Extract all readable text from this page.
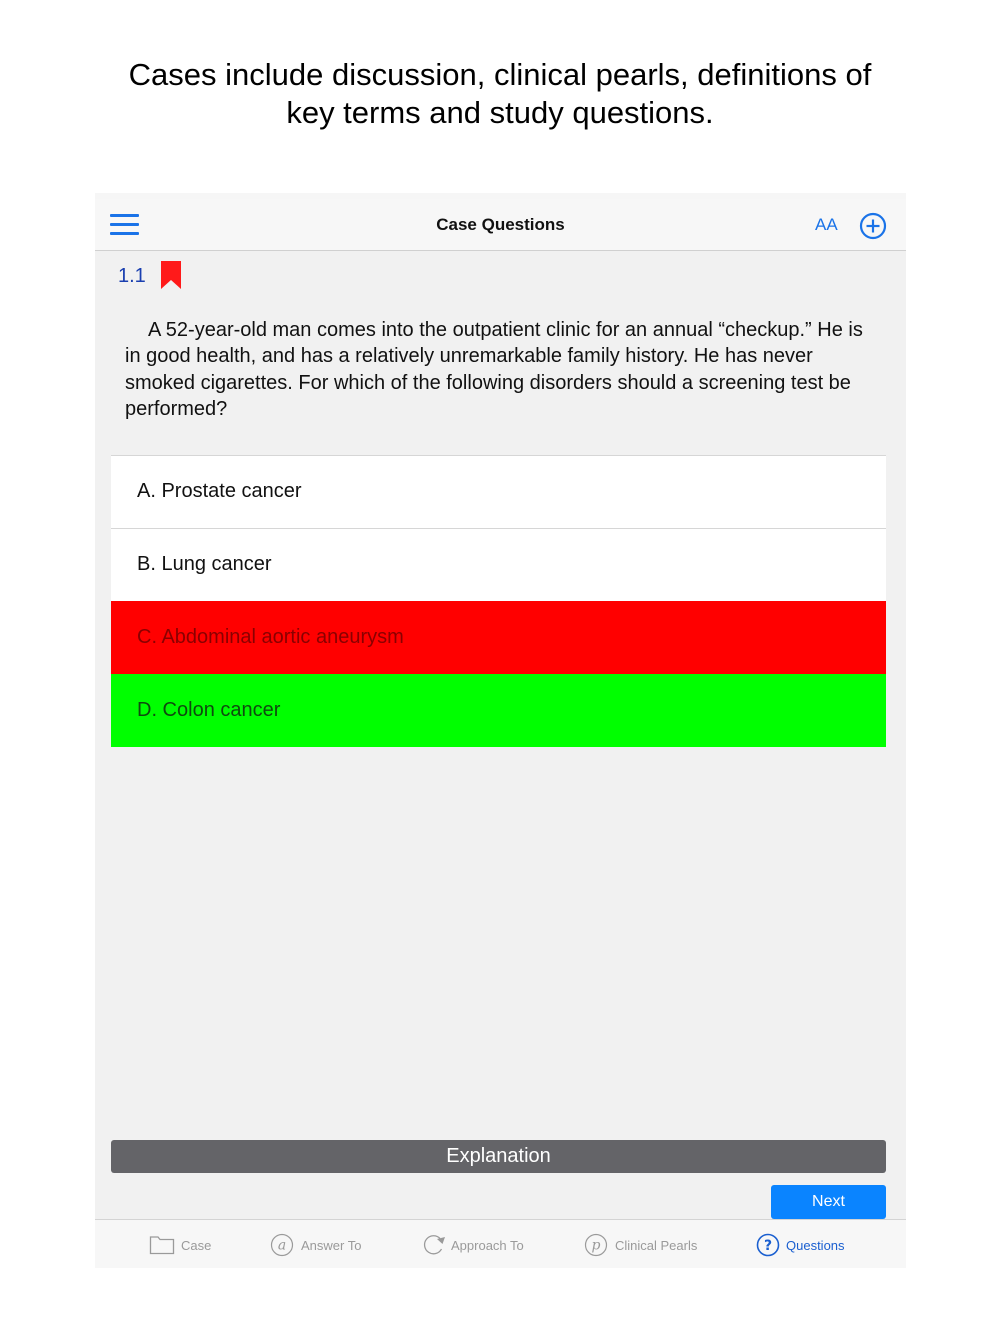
Cases include discussion, clinical pearls, definitions of
key terms and study questions.
Case Questions	AA
1.1
A 52-year-old man comes into the outpatient clinic for an annual “checkup.” He is in good health, and has a relatively unremarkable family history. He has never smoked cigarettes. For which of the following disorders should a screening test be performed?
A. Prostate cancer
B. Lung cancer
C. Abdominal aortic aneurysm
D. Colon cancer
Explanation
Next
Case	a Answer To	Approach To	p Clinical Pearls	? Questions
